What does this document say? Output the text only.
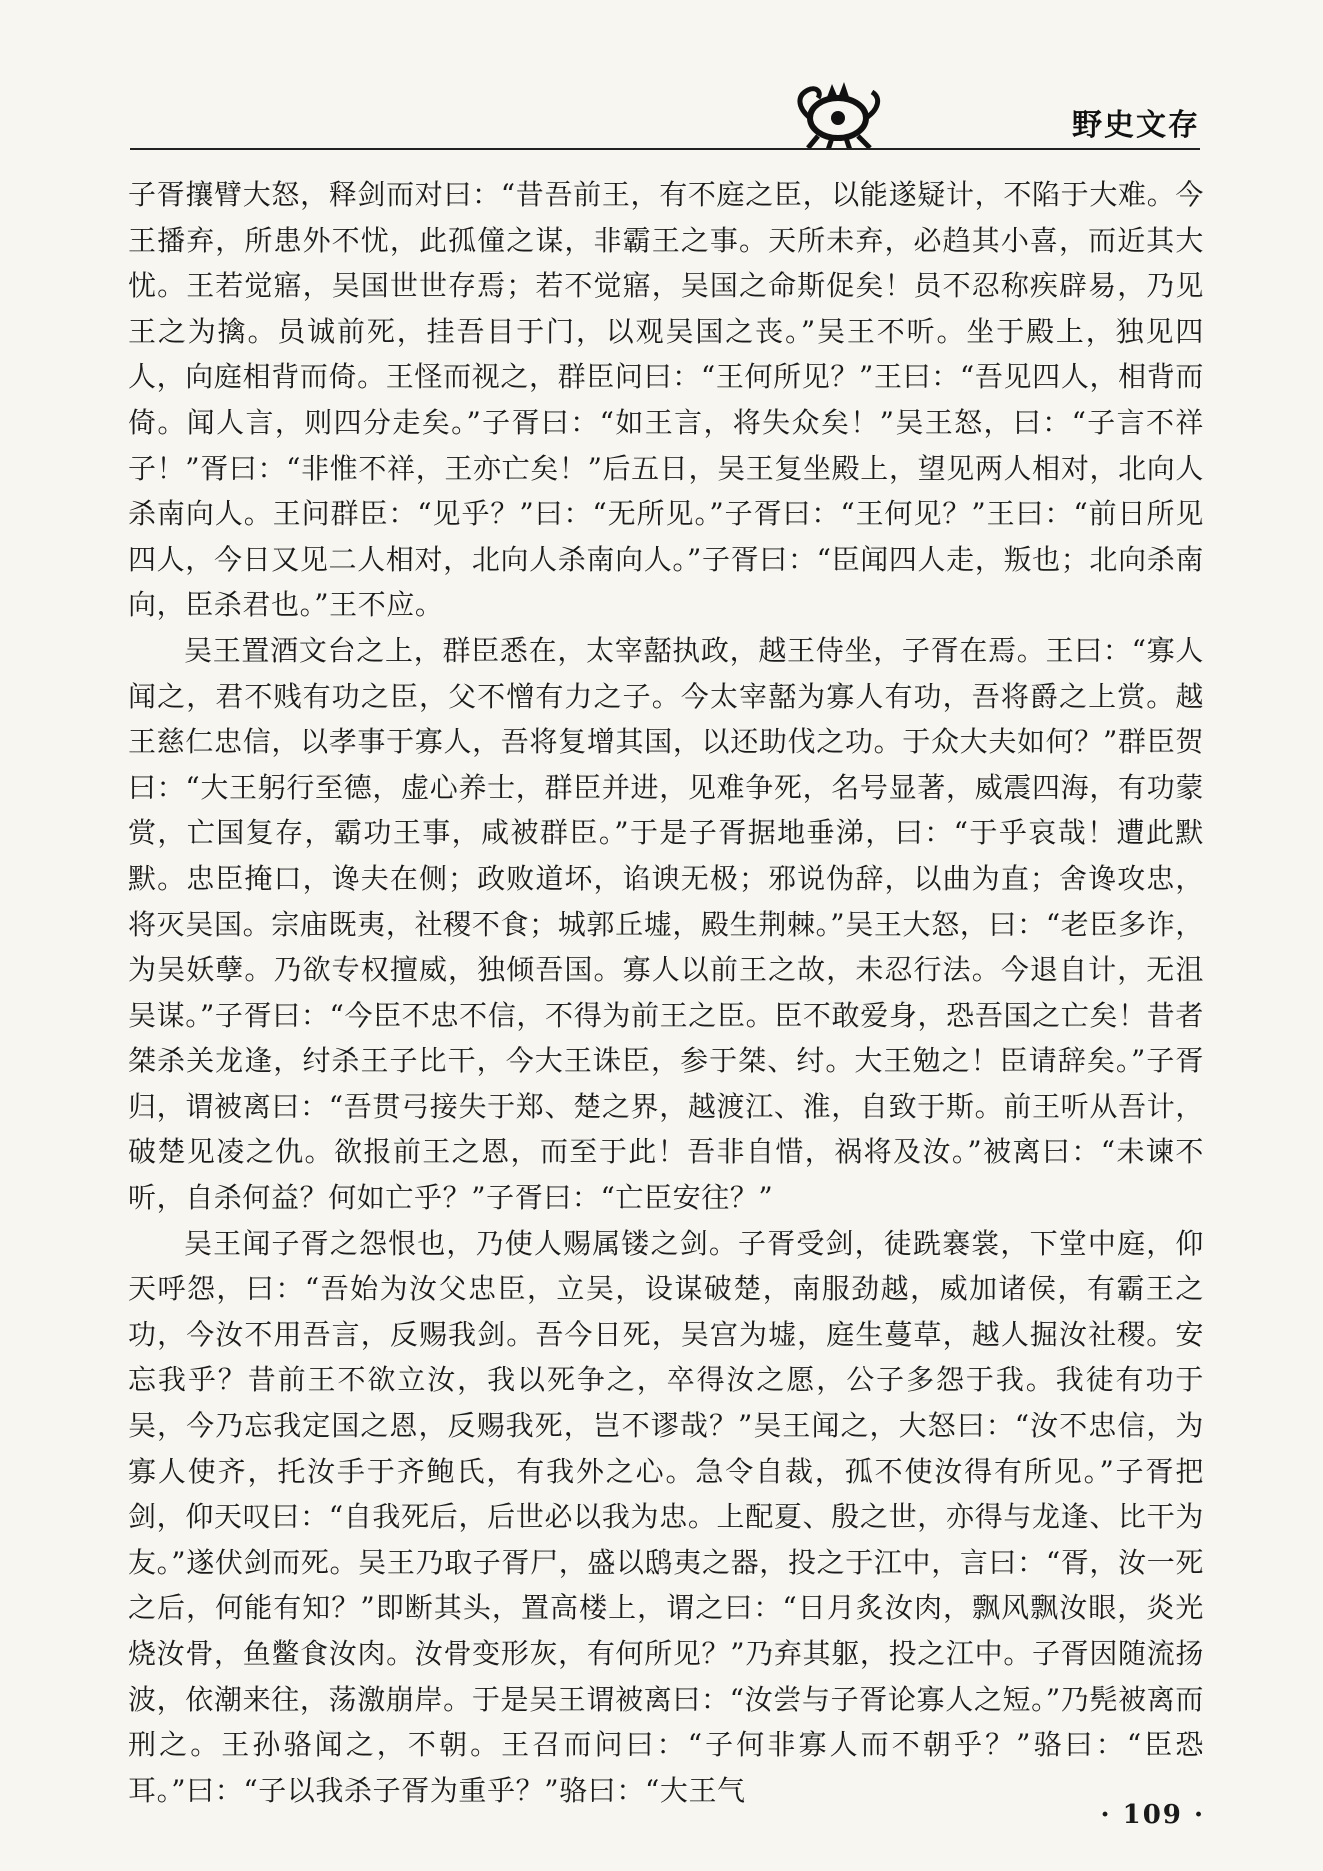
野史文存

子胥攘臂大怒，释剑而对曰：“昔吾前王，有不庭之臣，以能遂疑计，不陷于大难。今王播弃，所患外不忧，此孤僮之谋，非霸王之事。天所未弃，必趋其小喜，而近其大忧。王若觉寤，吴国世世存焉；若不觉寤，吴国之命斯促矣！员不忍称疾辟易，乃见王之为擒。员诚前死，挂吾目于门，以观吴国之丧。”吴王不听。坐于殿上，独见四人，向庭相背而倚。王怪而视之，群臣问曰：“王何所见？”王曰：“吾见四人，相背而倚。闻人言，则四分走矣。”子胥曰：“如王言，将失众矣！”吴王怒，曰：“子言不祥子！”胥曰：“非惟不祥，王亦亡矣！”后五日，吴王复坐殿上，望见两人相对，北向人杀南向人。王问群臣：“见乎？”曰：“无所见。”子胥曰：“王何见？”王曰：“前日所见四人，今日又见二人相对，北向人杀南向人。”子胥曰：“臣闻四人走，叛也；北向杀南向，臣杀君也。”王不应。

吴王置酒文台之上，群臣悉在，太宰嚭执政，越王侍坐，子胥在焉。王曰：“寡人闻之，君不贱有功之臣，父不憎有力之子。今太宰嚭为寡人有功，吾将爵之上赏。越王慈仁忠信，以孝事于寡人，吾将复增其国，以还助伐之功。于众大夫如何？”群臣贺曰：“大王躬行至德，虚心养士，群臣并进，见难争死，名号显著，威震四海，有功蒙赏，亡国复存，霸功王事，咸被群臣。”于是子胥据地垂涕，曰：“于乎哀哉！遭此默默。忠臣掩口，谗夫在侧；政败道坏，谄谀无极；邪说伪辞，以曲为直；舍谗攻忠，将灭吴国。宗庙既夷，社稷不食；城郭丘墟，殿生荆棘。”吴王大怒，曰：“老臣多诈，为吴妖孽。乃欲专权擅威，独倾吾国。寡人以前王之故，未忍行法。今退自计，无沮吴谋。”子胥曰：“今臣不忠不信，不得为前王之臣。臣不敢爱身，恐吾国之亡矣！昔者桀杀关龙逢，纣杀王子比干，今大王诛臣，参于桀、纣。大王勉之！臣请辞矣。”子胥归，谓被离曰：“吾贯弓接失于郑、楚之界，越渡江、淮，自致于斯。前王听从吾计，破楚见凌之仇。欲报前王之恩，而至于此！吾非自惜，祸将及汝。”被离曰：“未谏不听，自杀何益？何如亡乎？”子胥曰：“亡臣安往？”

吴王闻子胥之怨恨也，乃使人赐属镂之剑。子胥受剑，徒跣褰裳，下堂中庭，仰天呼怨，曰：“吾始为汝父忠臣，立吴，设谋破楚，南服劲越，威加诸侯，有霸王之功，今汝不用吾言，反赐我剑。吾今日死，吴宫为墟，庭生蔓草，越人掘汝社稷。安忘我乎？昔前王不欲立汝，我以死争之，卒得汝之愿，公子多怨于我。我徒有功于吴，今乃忘我定国之恩，反赐我死，岂不谬哉？”吴王闻之，大怒曰：“汝不忠信，为寡人使齐，托汝手于齐鲍氏，有我外之心。急令自裁，孤不使汝得有所见。”子胥把剑，仰天叹曰：“自我死后，后世必以我为忠。上配夏、殷之世，亦得与龙逢、比干为友。”遂伏剑而死。吴王乃取子胥尸，盛以鸱夷之器，投之于江中，言曰：“胥，汝一死之后，何能有知？”即断其头，置高楼上，谓之曰：“日月炙汝肉，飘风飘汝眼，炎光烧汝骨，鱼鳖食汝肉。汝骨变形灰，有何所见？”乃弃其躯，投之江中。子胥因随流扬波，依潮来往，荡激崩岸。于是吴王谓被离曰：“汝尝与子胥论寡人之短。”乃髡被离而刑之。王孙骆闻之，不朝。王召而问曰：“子何非寡人而不朝乎？”骆曰：“臣恐耳。”曰：“子以我杀子胥为重乎？”骆曰：“大王气

· 109 ·
